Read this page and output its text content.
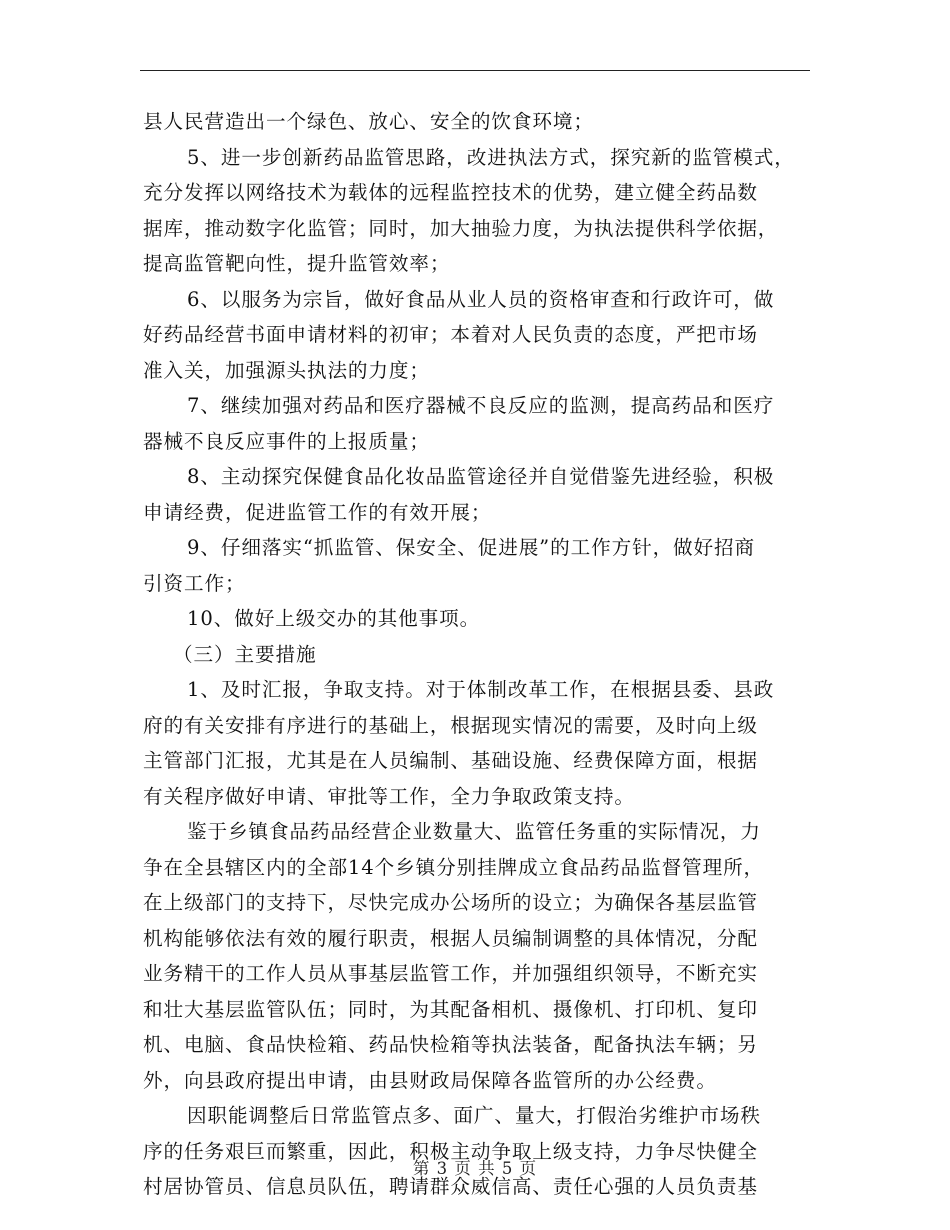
县人民营造出一个绿色、放心、安全的饮食环境；
5、进一步创新药品监管思路，改进执法方式，探究新的监管模式，
充分发挥以网络技术为载体的远程监控技术的优势，建立健全药品数
据库，推动数字化监管；同时，加大抽验力度，为执法提供科学依据，
提高监管靶向性，提升监管效率；
6、以服务为宗旨，做好食品从业人员的资格审查和行政许可，做
好药品经营书面申请材料的初审；本着对人民负责的态度，严把市场
准入关，加强源头执法的力度；
7、继续加强对药品和医疗器械不良反应的监测，提高药品和医疗
器械不良反应事件的上报质量；
8、主动探究保健食品化妆品监管途径并自觉借鉴先进经验，积极
申请经费，促进监管工作的有效开展；
9、仔细落实“抓监管、保安全、促进展”的工作方针，做好招商
引资工作；
10、做好上级交办的其他事项。
（三）主要措施
1、及时汇报，争取支持。对于体制改革工作，在根据县委、县政
府的有关安排有序进行的基础上，根据现实情况的需要，及时向上级
主管部门汇报，尤其是在人员编制、基础设施、经费保障方面，根据
有关程序做好申请、审批等工作，全力争取政策支持。
鉴于乡镇食品药品经营企业数量大、监管任务重的实际情况，力
争在全县辖区内的全部14个乡镇分别挂牌成立食品药品监督管理所，
在上级部门的支持下，尽快完成办公场所的设立；为确保各基层监管
机构能够依法有效的履行职责，根据人员编制调整的具体情况，分配
业务精干的工作人员从事基层监管工作，并加强组织领导，不断充实
和壮大基层监管队伍；同时，为其配备相机、摄像机、打印机、复印
机、电脑、食品快检箱、药品快检箱等执法装备，配备执法车辆；另
外，向县政府提出申请，由县财政局保障各监管所的办公经费。
因职能调整后日常监管点多、面广、量大，打假治劣维护市场秩
序的任务艰巨而繁重，因此，积极主动争取上级支持，力争尽快健全
村居协管员、信息员队伍，聘请群众威信高、责任心强的人员负责基
第 3 页 共 5 页
